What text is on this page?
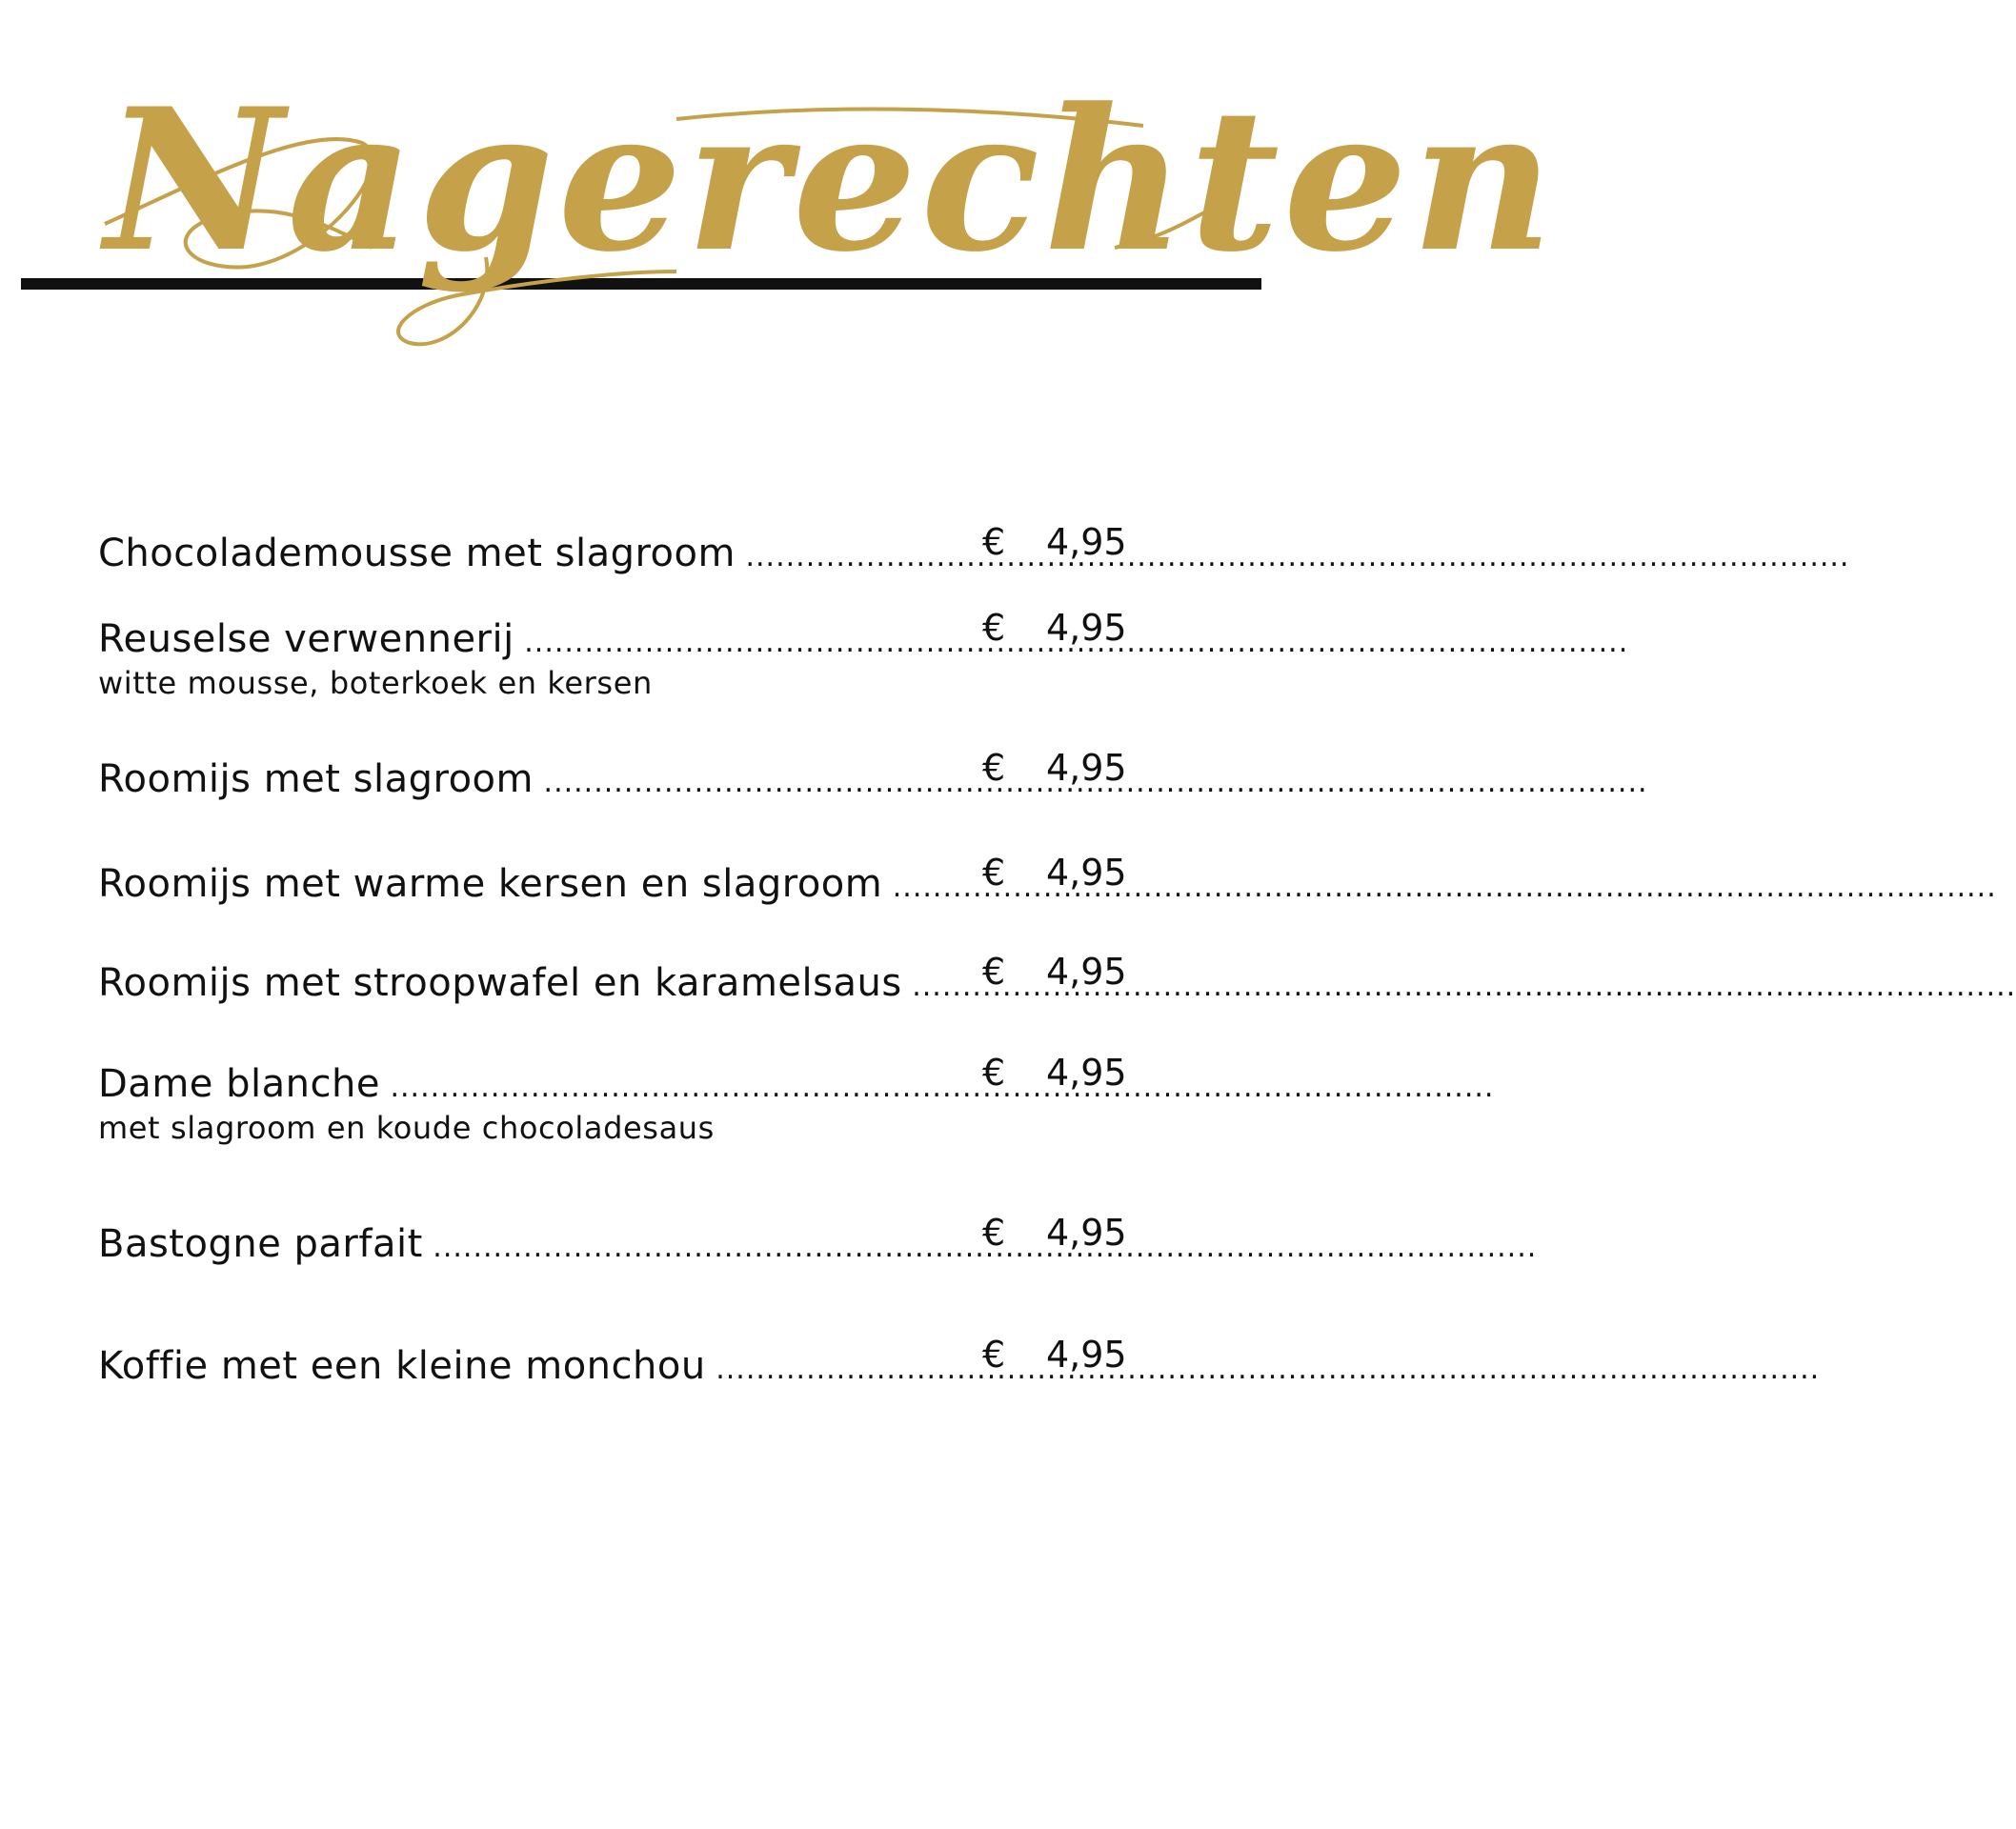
Nagerechten
Chocolademousse met slagroom .....	€ 4,95
Reuselse verwennerij .....	€ 4,95
witte mousse, boterkoek en kersen
Roomijs met slagroom .....	€ 4,95
Roomijs met warme kersen en slagroom .....	€ 4,95
Roomijs met stroopwafel en karamelsaus .....	€ 4,95
Dame blanche .....	€ 4,95
met slagroom en koude chocoladesaus
Bastogne parfait .....	€ 4,95
Koffie met een kleine monchou .....	€ 4,95
